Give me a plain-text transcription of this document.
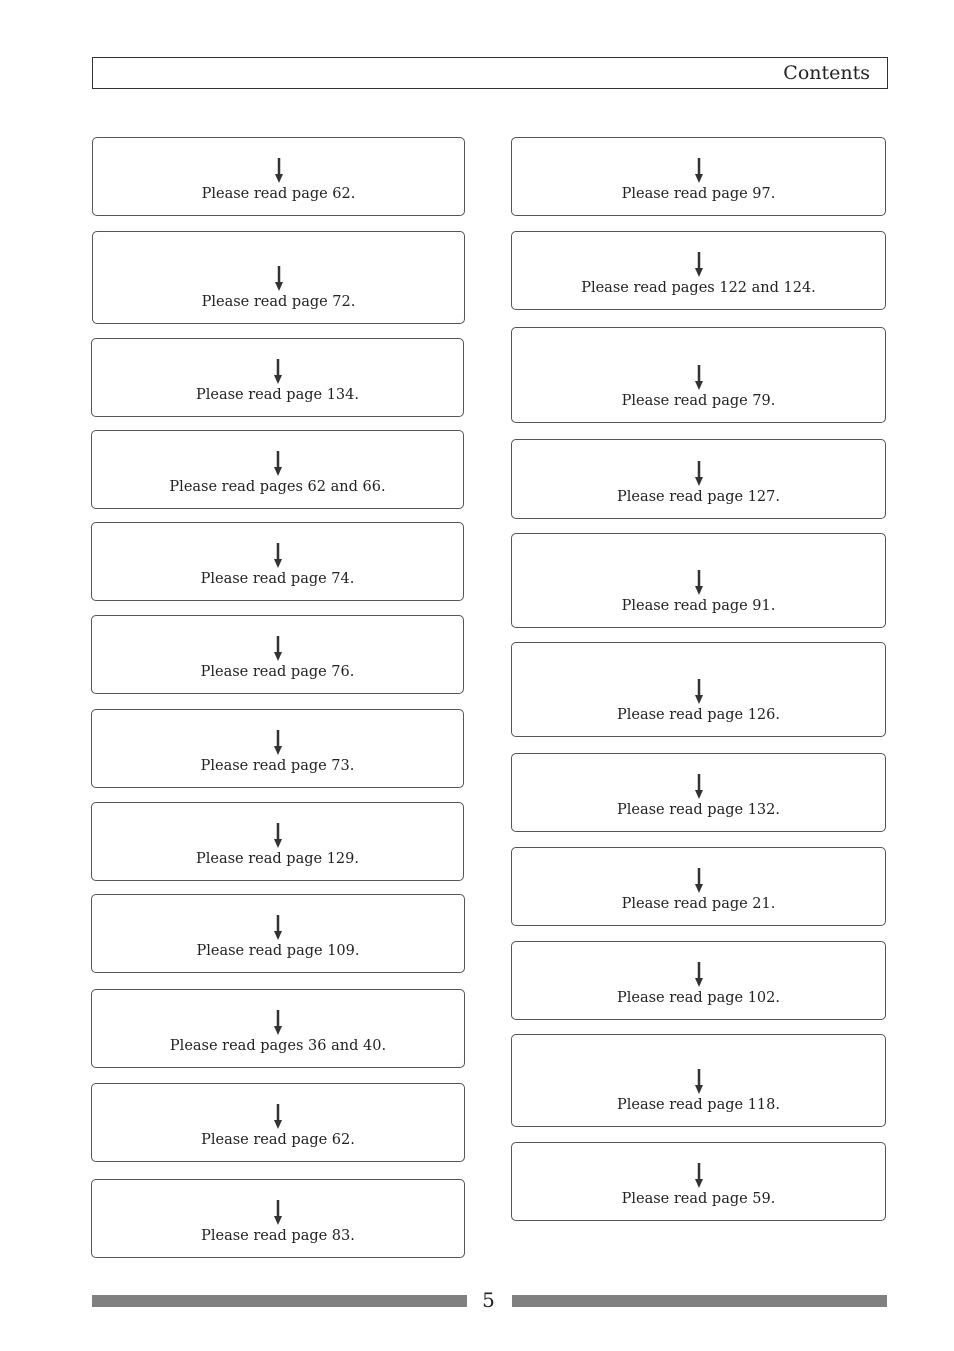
Contents
Please read page 62.
Please read page 72.
Please read page 134.
Please read pages 62 and 66.
Please read page 74.
Please read page 76.
Please read page 73.
Please read page 129.
Please read page 109.
Please read pages 36 and 40.
Please read page 62.
Please read page 83.
Please read page 97.
Please read pages 122 and 124.
Please read page 79.
Please read page 127.
Please read page 91.
Please read page 126.
Please read page 132.
Please read page 21.
Please read page 102.
Please read page 118.
Please read page 59.
5
